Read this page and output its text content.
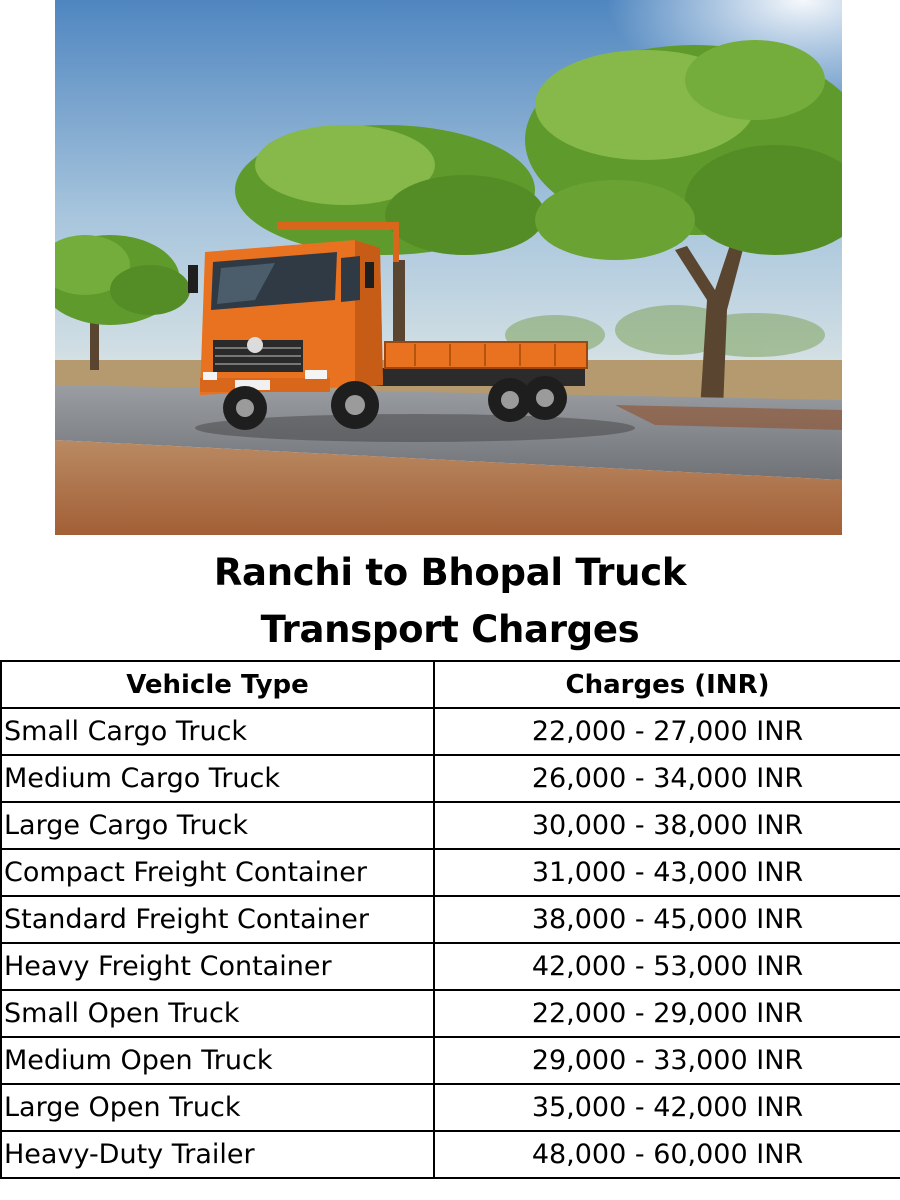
Ranchi to Bhopal Truck
Transport Charges
Vehicle Type	Charges (INR)
Small Cargo Truck	22,000 - 27,000 INR
Medium Cargo Truck	26,000 - 34,000 INR
Large Cargo Truck	30,000 - 38,000 INR
Compact Freight Container	31,000 - 43,000 INR
Standard Freight Container	38,000 - 45,000 INR
Heavy Freight Container	42,000 - 53,000 INR
Small Open Truck	22,000 - 29,000 INR
Medium Open Truck	29,000 - 33,000 INR
Large Open Truck	35,000 - 42,000 INR
Heavy-Duty Trailer	48,000 - 60,000 INR
